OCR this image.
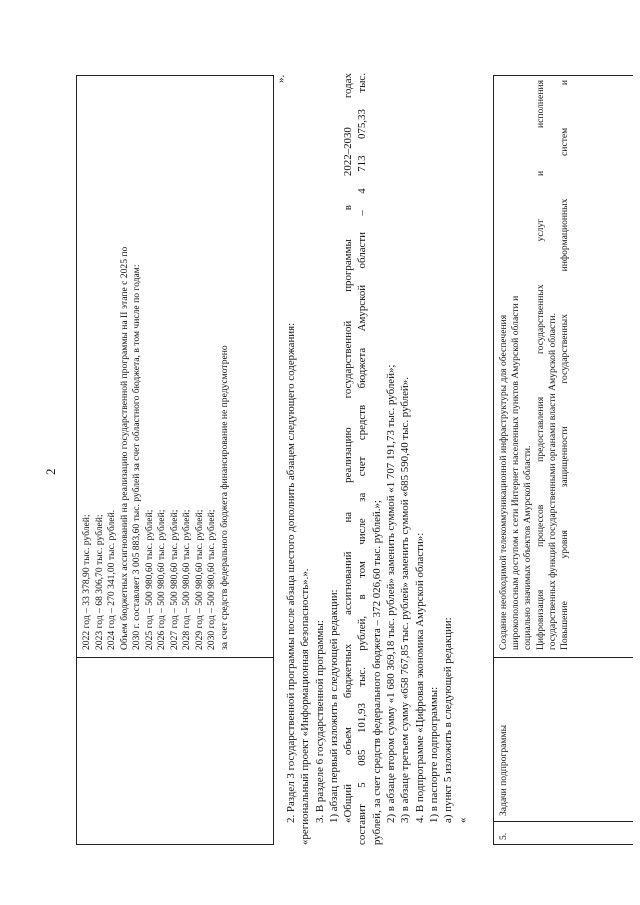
2
2022 год – 33 378,90 тыс. рублей; 2023 год – 68 306,70 тыс. рублей; 2024 год – 270 341,00 тыс. рублей. Объем бюджетных ассигнований на реализацию государственной программы на II этапе с 2025 по 2030 г. составляет 3 005 883,60 тыс. рублей за счет областного бюджета, в том числе по годам: 2025 год – 500 980,60 тыс. рублей; 2026 год – 500 980,60 тыс. рублей; 2027 год – 500 980,60 тыс. рублей; 2028 год – 500 980,60 тыс. рублей; 2029 год – 500 980,60 тыс. рублей; 2030 год – 500 980,60 тыс. рублей; за счет средств федерального бюджета финансирование не предусмотрено
».
2. Раздел 3 государственной программы после абзаца шестого дополнить абзацем следующего содержания: «региональный проект «Информационная безопасность».». 3. В разделе 6 государственной программы: 1) абзац первый изложить в следующей редакции: «Общий объем бюджетных ассигнований на реализацию государственной программы в 2022–2030 годах составит 5 085 101,93 тыс. рублей, в том числе за счет средств бюджета Амурской области – 4 713 075,33 тыс. рублей, за счет средств федерального бюджета – 372 026,60 тыс. рублей.»; 2) в абзаце втором сумму «1 680 369,18 тыс. рублей» заменить суммой «1 707 191,73 тыс. рублей»; 3) в абзаце третьем сумму «658 767,85 тыс. рублей» заменить суммой «685 590,40 тыс. рублей». 4. В подпрограмме «Цифровая экономика Амурской области»: 1) в паспорте подпрограммы: а) пункт 5 изложить в следующей редакции: «
5.
Задачи подпрограммы
Создание необходимой телекоммуникационной инфраструктуры для обеспечения широкополосным доступом к сети Интернет населенных пунктов Амурской области и социально значимых объектов Амурской области. Цифровизация процессов предоставления государственных услуг и исполнения государственных функций государственными органами власти Амурской области. Повышение уровня защищенности государственных информационных систем и
